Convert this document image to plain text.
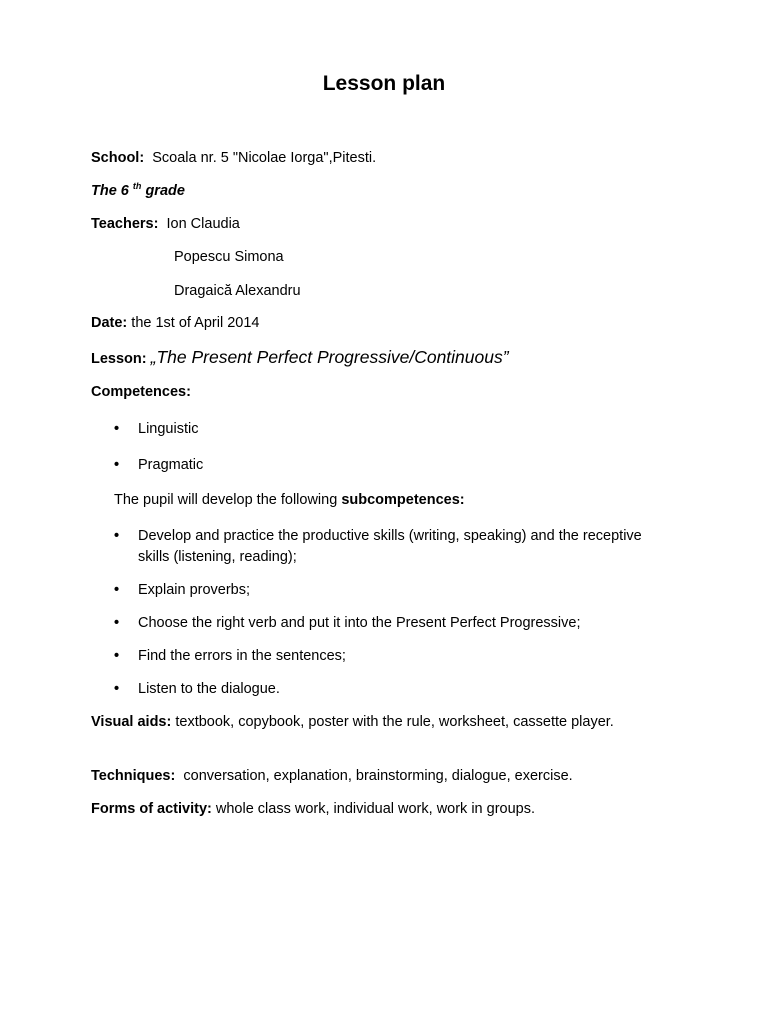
Lesson plan
School: Scoala nr. 5 "Nicolae Iorga",Pitesti.
The 6 $^{th}$ grade
Teachers: Ion Claudia
Popescu Simona
Dragaică Alexandru
Date: the 1st of April 2014
Lesson: „The Present Perfect Progressive/Continuous”
Competences:
•	Linguistic
•	Pragmatic
The pupil will develop the following subcompetences:
•	Develop and practice the productive skills (writing, speaking) and the receptive skills (listening, reading);
•	Explain proverbs;
•	Choose the right verb and put it into the Present Perfect Progressive;
•	Find the errors in the sentences;
•	Listen to the dialogue.
Visual aids: textbook, copybook, poster with the rule, worksheet, cassette player.
Techniques: conversation, explanation, brainstorming, dialogue, exercise.
Forms of activity: whole class work, individual work, work in groups.
